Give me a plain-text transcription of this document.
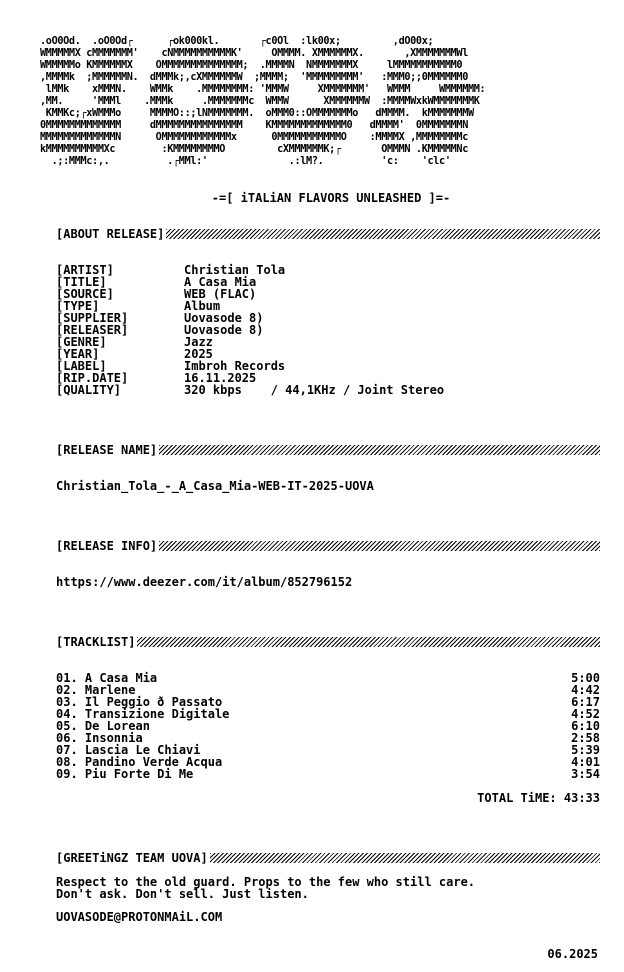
.oO0Od.  .oO0Od┌      ┌ok000kl.       ┌c0Ol  :lk00x;         ,dO00x;
WMMMMMX cMMMMMMM'    cNMMMMMMMMMMK'     OMMMM. XMMMMMMX.       ,XMMMMMMMWl
WMMMMMo KMMMMMMX    OMMMMMMMMMMMMMM;  .MMMMN  NMMMMMMMX     lMMMMMMMMMMM0
,MMMMk  ;MMMMMMN.  dMMMk;,cXMMMMMMW  ;MMMM;  'MMMMMMMMM'   :MMM0;;0MMMMMM0
lMMk    xMMMN.    WMMk    .MMMMMMMM: 'MMMW     XMMMMMMM'   WMMM     WMMMMMM:
,MM.     'MMMl    .MMMk     .MMMMMMMc  WMMW      XMMMMMMW  :MMMMWxkWMMMMMMMK
KMMKc;┌xWMMMo     MMMMO::;lNMMMMMMM.  oMMM0::OMMMMMMMo   dMMMM.  kMMMMMMMW
0MMMMMMMMMMMMM     dMMMMMMMMMMMMMMM    KMMMMMMMMMMMMM0   dMMMM'  0MMMMMMMN
MMMMMMMMMMMMMN      OMMMMMMMMMMMMx      0MMMMMMMMMMMO    :MMMMX ,MMMMMMMMc
kMMMMMMMMMMXc        :KMMMMMMMMO         cXMMMMMMK;┌       OMMMN .KMMMMMNc
.;:MMMc:,.          .┌MMl:'              .:lM?.          'c:    'clc'
-=[ iTALiAN FLAVORS UNLEASHED ]=-
[ABOUT RELEASE]
[ARTIST]	Christian Tola
[TITLE]	A Casa Mia
[SOURCE]	WEB (FLAC)
[TYPE]	Album
[SUPPLIER]	Uovasode 8)
[RELEASER]	Uovasode 8)
[GENRE]	Jazz
[YEAR]	2025
[LABEL]	Imbroh Records
[RIP.DATE]	16.11.2025
[QUALITY]	320 kbps    / 44,1KHz / Joint Stereo
[RELEASE NAME]
Christian_Tola_-_A_Casa_Mia-WEB-IT-2025-UOVA
[RELEASE INFO]
https://www.deezer.com/it/album/852796152
[TRACKLIST]
01. A Casa Mia	5:00
02. Marlene	4:42
03. Il Peggio ð Passato	6:17
04. Transizione Digitale	4:52
05. De Lorean	6:10
06. Insonnia	2:58
07. Lascia Le Chiavi	5:39
08. Pandino Verde Acqua	4:01
09. Piu Forte Di Me	3:54
TOTAL TiME: 43:33
[GREETiNGZ TEAM UOVA]
Respect to the old guard. Props to the few who still care.
Don't ask. Don't sell. Just listen.
UOVASODE@PROTONMAiL.COM
06.2025
